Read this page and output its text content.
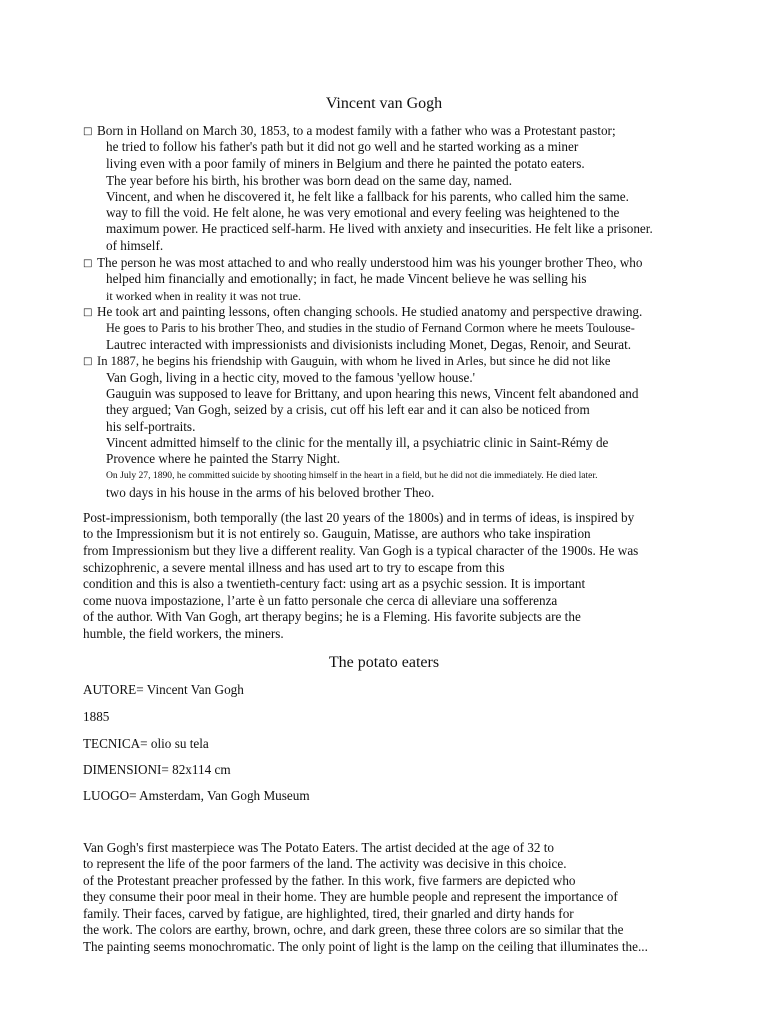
Vincent van Gogh
□ Born in Holland on March 30, 1853, to a modest family with a father who was a Protestant pastor;
he tried to follow his father's path but it did not go well and he started working as a miner
living even with a poor family of miners in Belgium and there he painted the potato eaters.
The year before his birth, his brother was born dead on the same day, named.
Vincent, and when he discovered it, he felt like a fallback for his parents, who called him the same.
way to fill the void. He felt alone, he was very emotional and every feeling was heightened to the
maximum power. He practiced self-harm. He lived with anxiety and insecurities. He felt like a prisoner.
of himself.
□ The person he was most attached to and who really understood him was his younger brother Theo, who
helped him financially and emotionally; in fact, he made Vincent believe he was selling his
it worked when in reality it was not true.
□ He took art and painting lessons, often changing schools. He studied anatomy and perspective drawing.
He goes to Paris to his brother Theo, and studies in the studio of Fernand Cormon where he meets Toulouse-
Lautrec interacted with impressionists and divisionists including Monet, Degas, Renoir, and Seurat.
□ In 1887, he begins his friendship with Gauguin, with whom he lived in Arles, but since he did not like
Van Gogh, living in a hectic city, moved to the famous 'yellow house.'
Gauguin was supposed to leave for Brittany, and upon hearing this news, Vincent felt abandoned and
they argued; Van Gogh, seized by a crisis, cut off his left ear and it can also be noticed from
his self-portraits.
Vincent admitted himself to the clinic for the mentally ill, a psychiatric clinic in Saint-Rémy de
Provence where he painted the Starry Night.
On July 27, 1890, he committed suicide by shooting himself in the heart in a field, but he did not die immediately. He died later.
two days in his house in the arms of his beloved brother Theo.
Post-impressionism, both temporally (the last 20 years of the 1800s) and in terms of ideas, is inspired by
to the Impressionism but it is not entirely so. Gauguin, Matisse, are authors who take inspiration
from Impressionism but they live a different reality. Van Gogh is a typical character of the 1900s. He was
schizophrenic, a severe mental illness and has used art to try to escape from this
condition and this is also a twentieth-century fact: using art as a psychic session. It is important
come nuova impostazione, l’arte è un fatto personale che cerca di alleviare una sofferenza
of the author. With Van Gogh, art therapy begins; he is a Fleming. His favorite subjects are the
humble, the field workers, the miners.
The potato eaters
AUTORE= Vincent Van Gogh
1885
TECNICA= olio su tela
DIMENSIONI= 82x114 cm
LUOGO= Amsterdam, Van Gogh Museum
Van Gogh's first masterpiece was The Potato Eaters. The artist decided at the age of 32 to
to represent the life of the poor farmers of the land. The activity was decisive in this choice.
of the Protestant preacher professed by the father. In this work, five farmers are depicted who
they consume their poor meal in their home. They are humble people and represent the importance of
family. Their faces, carved by fatigue, are highlighted, tired, their gnarled and dirty hands for
the work. The colors are earthy, brown, ochre, and dark green, these three colors are so similar that the
The painting seems monochromatic. The only point of light is the lamp on the ceiling that illuminates the...
